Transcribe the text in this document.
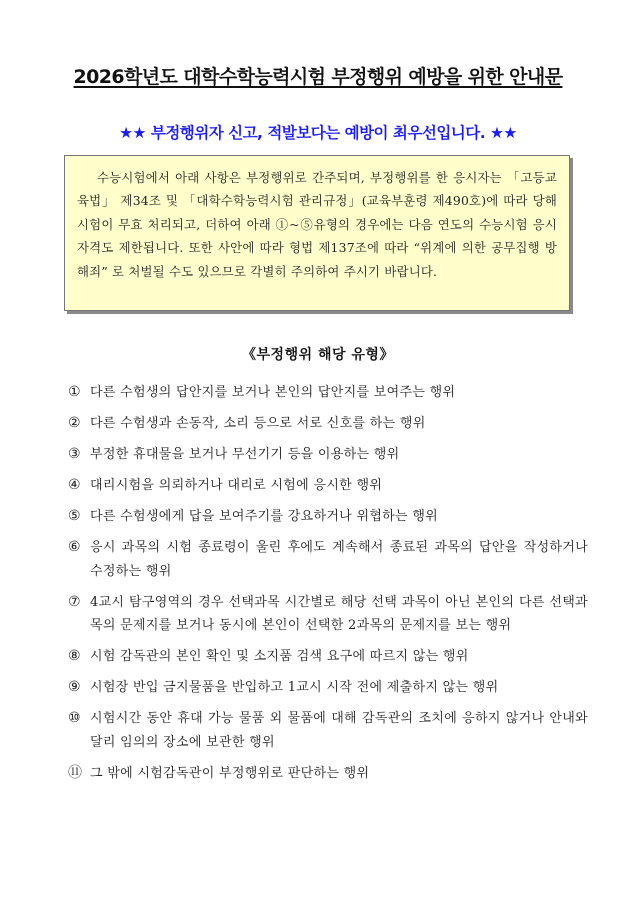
2026학년도 대학수학능력시험 부정행위 예방을 위한 안내문
★★ 부정행위자 신고, 적발보다는 예방이 최우선입니다. ★★

수능시험에서 아래 사항은 부정행위로 간주되며, 부정행위를 한 응시자는 「고등교육법」 제34조 및 「대학수학능력시험 관리규정」(교육부훈령 제490호)에 따라 당해시험이 무효 처리되고, 더하여 아래 ①~⑤유형의 경우에는 다음 연도의 수능시험 응시 자격도 제한됩니다. 또한 사안에 따라 형법 제137조에 따라 “위계에 의한 공무집행 방해죄” 로 처벌될 수도 있으므로 각별히 주의하여 주시기 바랍니다.

《부정행위 해당 유형》
① 다른 수험생의 답안지를 보거나 본인의 답안지를 보여주는 행위
② 다른 수험생과 손동작, 소리 등으로 서로 신호를 하는 행위
③ 부정한 휴대물을 보거나 무선기기 등을 이용하는 행위
④ 대리시험을 의뢰하거나 대리로 시험에 응시한 행위
⑤ 다른 수험생에게 답을 보여주기를 강요하거나 위협하는 행위
⑥ 응시 과목의 시험 종료령이 울린 후에도 계속해서 종료된 과목의 답안을 작성하거나 수정하는 행위
⑦ 4교시 탐구영역의 경우 선택과목 시간별로 해당 선택 과목이 아닌 본인의 다른 선택과목의 문제지를 보거나 동시에 본인이 선택한 2과목의 문제지를 보는 행위
⑧ 시험 감독관의 본인 확인 및 소지품 검색 요구에 따르지 않는 행위
⑨ 시험장 반입 금지물품을 반입하고 1교시 시작 전에 제출하지 않는 행위
⑩ 시험시간 동안 휴대 가능 물품 외 물품에 대해 감독관의 조치에 응하지 않거나 안내와 달리 임의의 장소에 보관한 행위
⑪ 그 밖에 시험감독관이 부정행위로 판단하는 행위
